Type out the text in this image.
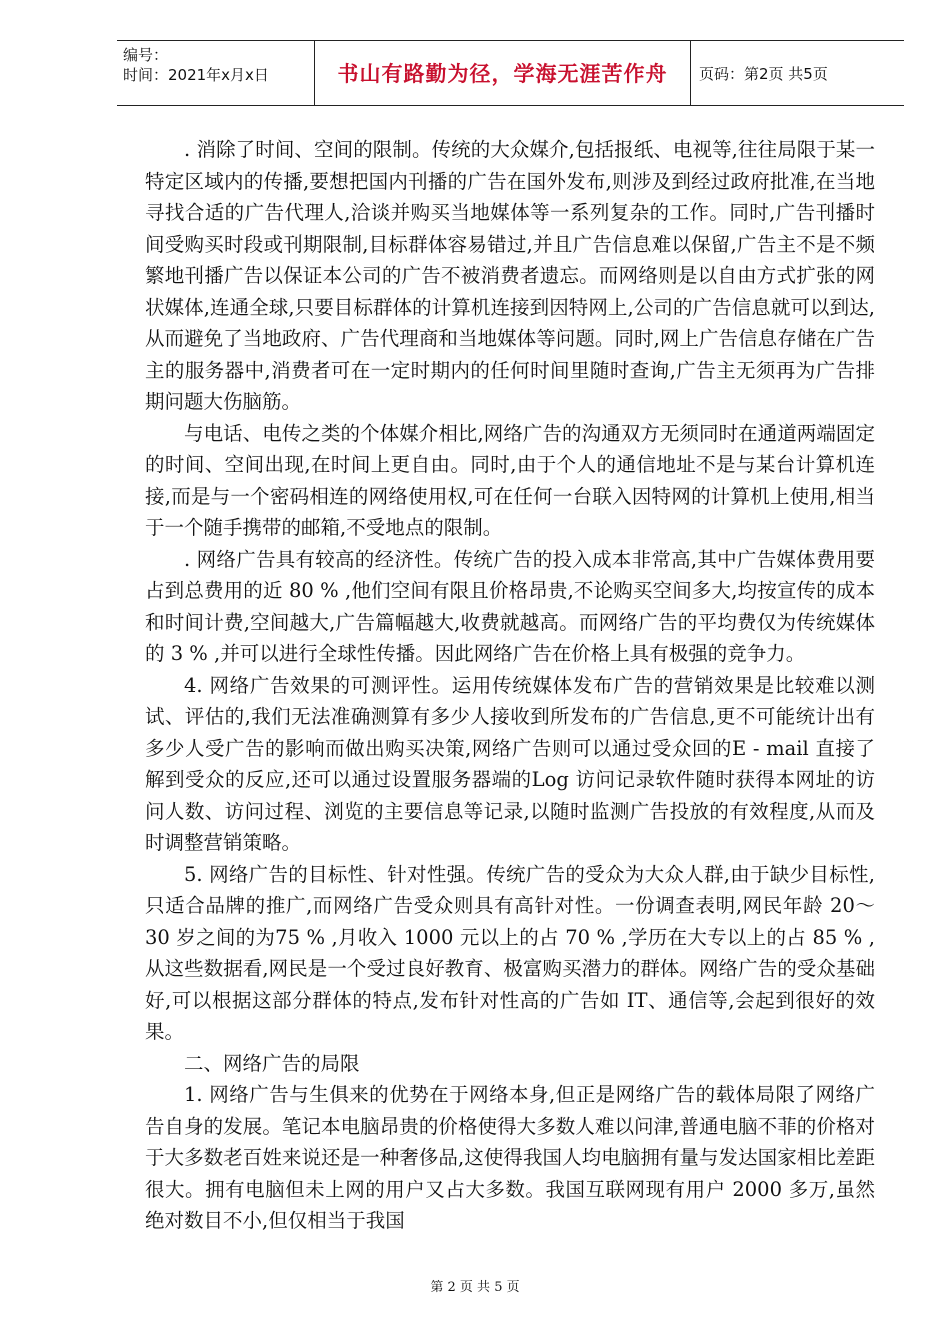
编号：
时间：2021年x月x日	书山有路勤为径，学海无涯苦作舟	页码：第2页 共5页

. 消除了时间、空间的限制。传统的大众媒介,包括报纸、电视等,往往局限于某一特定区域内的传播,要想把国内刊播的广告在国外发布,则涉及到经过政府批准,在当地寻找合适的广告代理人,洽谈并购买当地媒体等一系列复杂的工作。同时,广告刊播时间受购买时段或刊期限制,目标群体容易错过,并且广告信息难以保留,广告主不是不频繁地刊播广告以保证本公司的广告不被消费者遗忘。而网络则是以自由方式扩张的网状媒体,连通全球,只要目标群体的计算机连接到因特网上,公司的广告信息就可以到达,从而避免了当地政府、广告代理商和当地媒体等问题。同时,网上广告信息存储在广告主的服务器中,消费者可在一定时期内的任何时间里随时查询,广告主无须再为广告排期问题大伤脑筋。

与电话、电传之类的个体媒介相比,网络广告的沟通双方无须同时在通道两端固定的时间、空间出现,在时间上更自由。同时,由于个人的通信地址不是与某台计算机连接,而是与一个密码相连的网络使用权,可在任何一台联入因特网的计算机上使用,相当于一个随手携带的邮箱,不受地点的限制。

. 网络广告具有较高的经济性。传统广告的投入成本非常高,其中广告媒体费用要占到总费用的近 80 % ,他们空间有限且价格昂贵,不论购买空间多大,均按宣传的成本和时间计费,空间越大,广告篇幅越大,收费就越高。而网络广告的平均费仅为传统媒体的 3 % ,并可以进行全球性传播。因此网络广告在价格上具有极强的竞争力。

4. 网络广告效果的可测评性。运用传统媒体发布广告的营销效果是比较难以测试、评估的,我们无法准确测算有多少人接收到所发布的广告信息,更不可能统计出有多少人受广告的影响而做出购买决策,网络广告则可以通过受众回的E - mail 直接了解到受众的反应,还可以通过设置服务器端的Log 访问记录软件随时获得本网址的访问人数、访问过程、浏览的主要信息等记录,以随时监测广告投放的有效程度,从而及时调整营销策略。

5. 网络广告的目标性、针对性强。传统广告的受众为大众人群,由于缺少目标性,只适合品牌的推广,而网络广告受众则具有高针对性。一份调查表明,网民年龄 20～30 岁之间的为75 % ,月收入 1000 元以上的占 70 % ,学历在大专以上的占 85 % ,从这些数据看,网民是一个受过良好教育、极富购买潜力的群体。网络广告的受众基础好,可以根据这部分群体的特点,发布针对性高的广告如 IT、通信等,会起到很好的效果。

二、网络广告的局限

1. 网络广告与生俱来的优势在于网络本身,但正是网络广告的载体局限了网络广告自身的发展。笔记本电脑昂贵的价格使得大多数人难以问津,普通电脑不菲的价格对于大多数老百姓来说还是一种奢侈品,这使得我国人均电脑拥有量与发达国家相比差距很大。拥有电脑但未上网的用户又占大多数。我国互联网现有用户 2000 多万,虽然绝对数目不小,但仅相当于我国

第 2 页 共 5 页
